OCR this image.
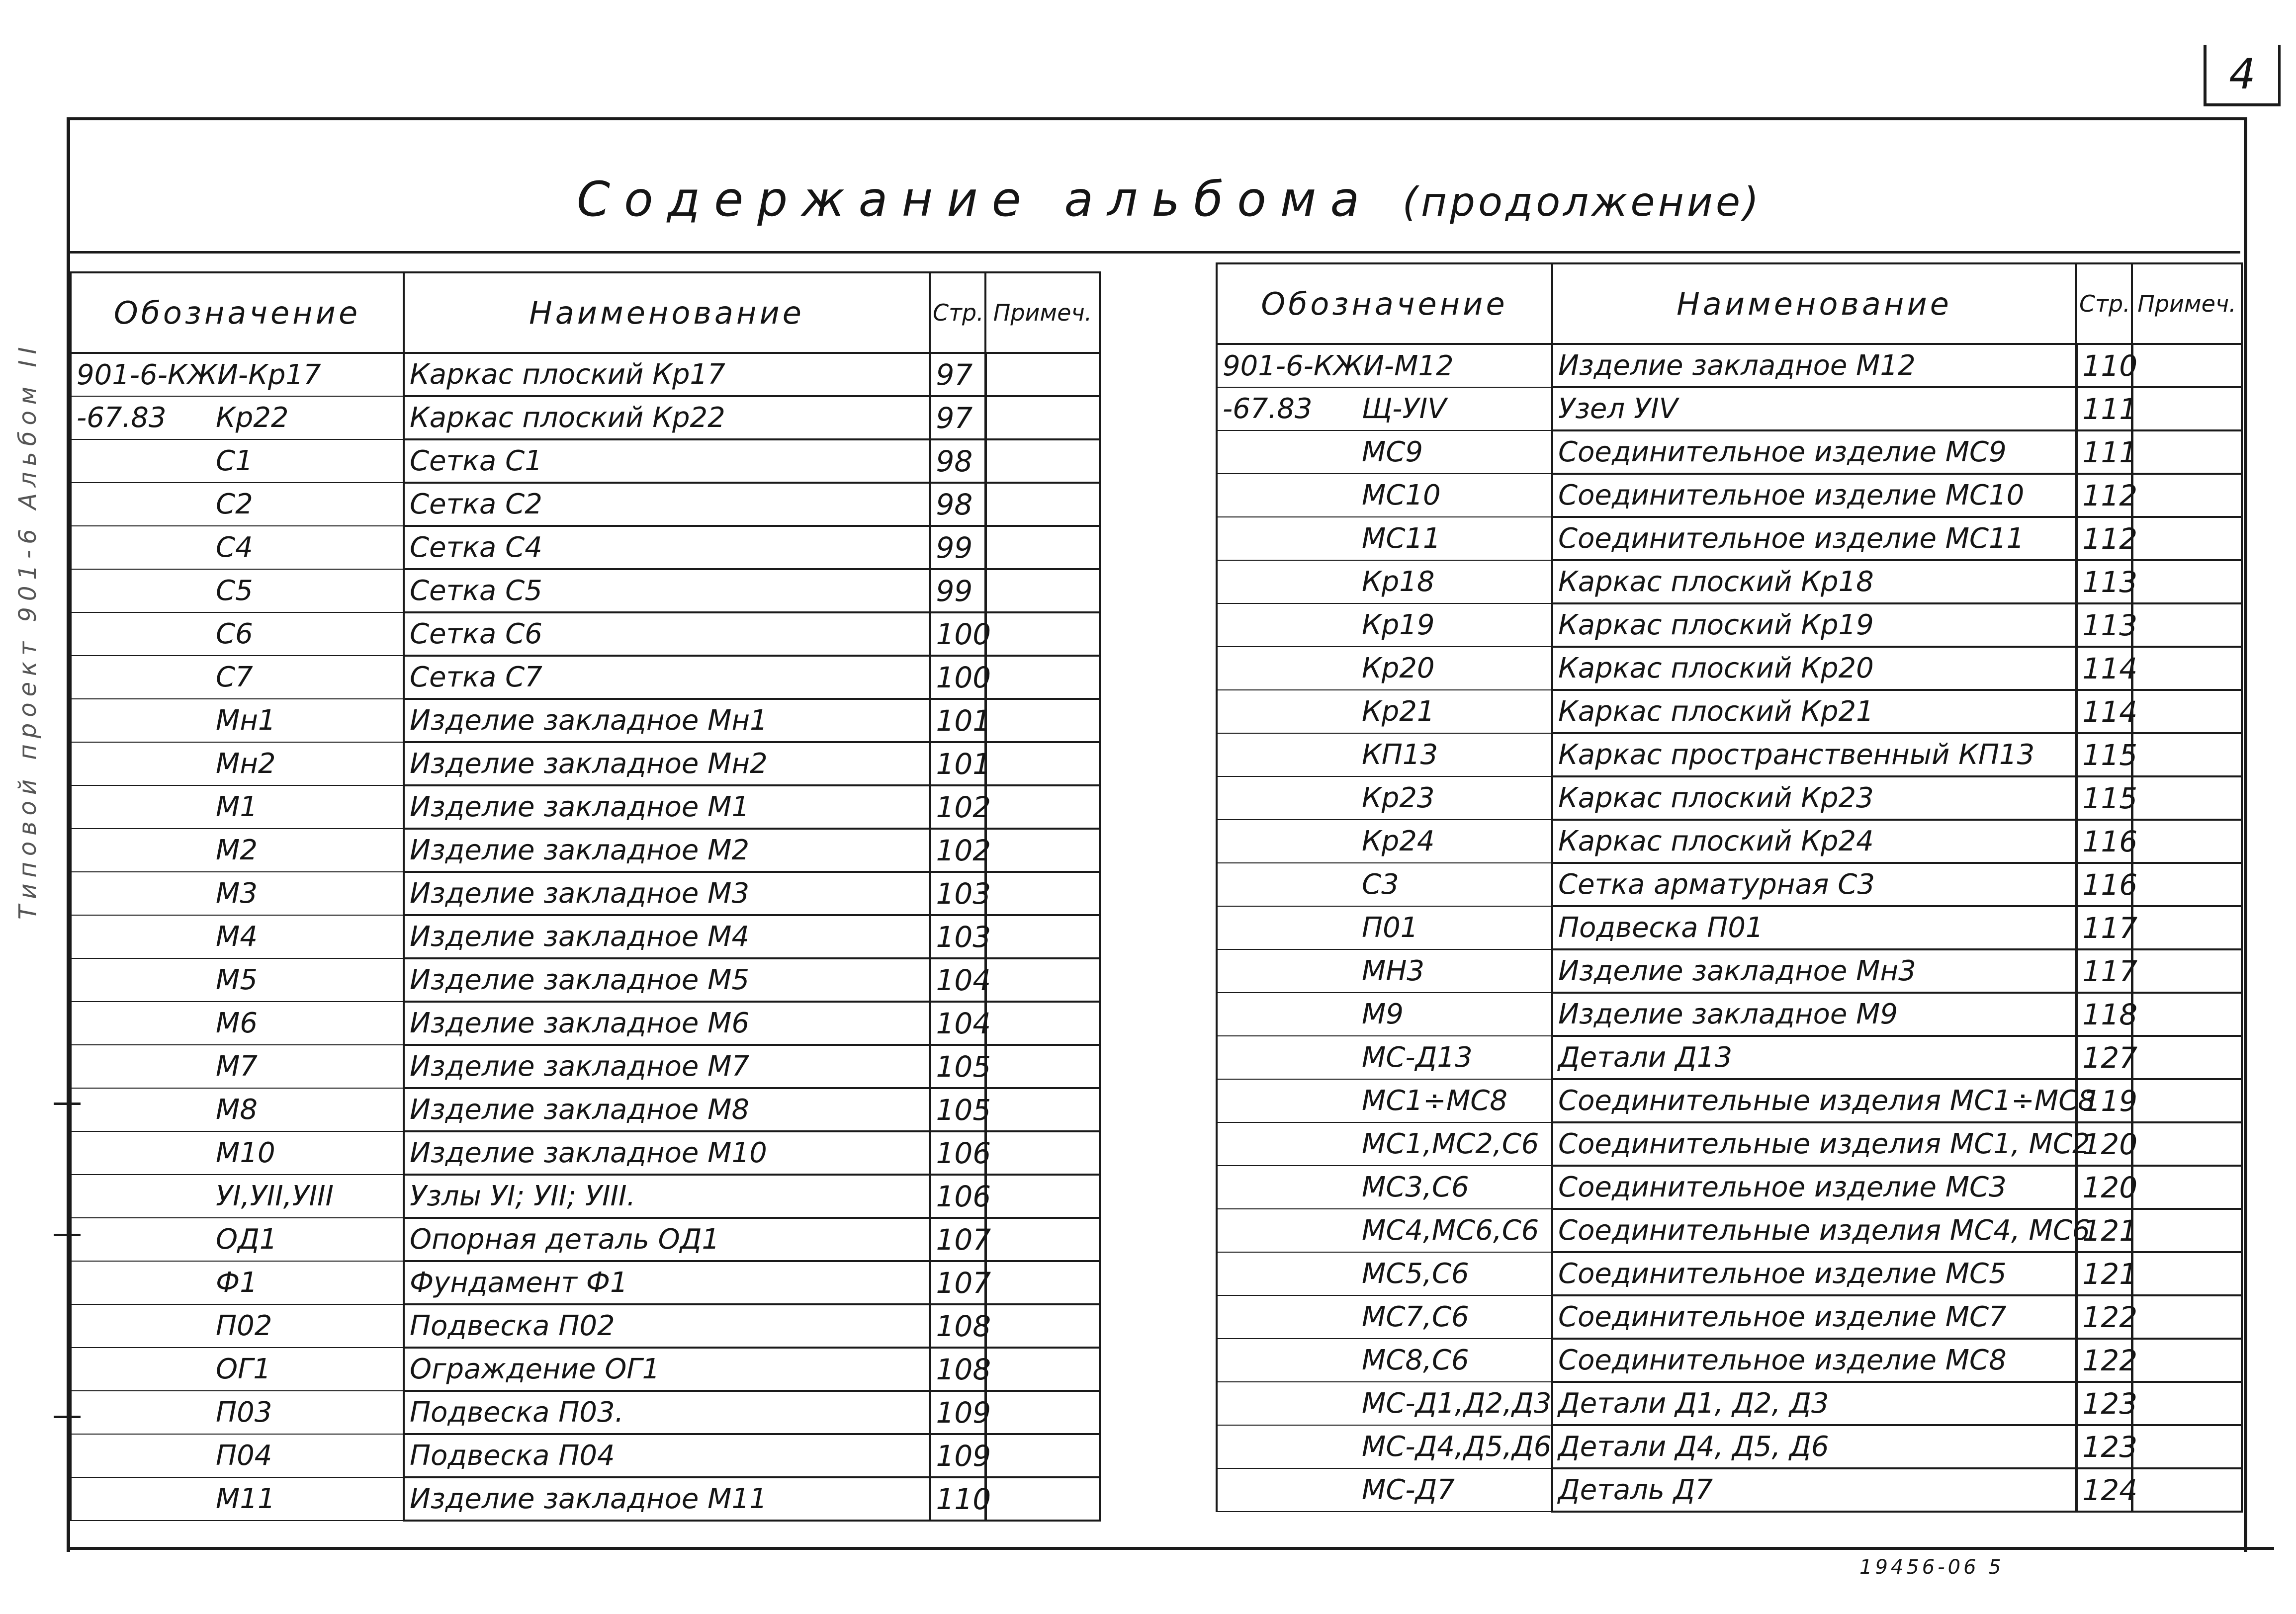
4
Содержание альбома (продолжение)
Типовой проект 901-6 Альбом II
Обозначение	Наименование	Стр.	Примеч.
901-6-КЖИ-Кр17	Каркас плоский Кр17	97	
-67.83 Кр22	Каркас плоский Кр22	97	
С1	Сетка С1	98	
С2	Сетка С2	98	
С4	Сетка С4	99	
С5	Сетка С5	99	
С6	Сетка С6	100	
С7	Сетка С7	100	
Мн1	Изделие закладное Мн1	101	
Мн2	Изделие закладное Мн2	101	
М1	Изделие закладное М1	102	
М2	Изделие закладное М2	102	
М3	Изделие закладное М3	103	
М4	Изделие закладное М4	103	
М5	Изделие закладное М5	104	
М6	Изделие закладное М6	104	
М7	Изделие закладное М7	105	
М8	Изделие закладное М8	105	
М10	Изделие закладное М10	106	
УI,УII,УIII	Узлы УI; УII; УIII.	106	
ОД1	Опорная деталь ОД1	107	
Ф1	Фундамент Ф1	107	
П02	Подвеска П02	108	
ОГ1	Ограждение ОГ1	108	
П03	Подвеска П03.	109	
П04	Подвеска П04	109	
М11	Изделие закладное М11	110	
Обозначение	Наименование	Стр.	Примеч.
901-6-КЖИ-М12	Изделие закладное М12	110	
-67.83 Щ-УIV	Узел УIV	111	
МС9	Соединительное изделие МС9	111	
МС10	Соединительное изделие МС10	112	
МС11	Соединительное изделие МС11	112	
Кр18	Каркас плоский Кр18	113	
Кр19	Каркас плоский Кр19	113	
Кр20	Каркас плоский Кр20	114	
Кр21	Каркас плоский Кр21	114	
КП13	Каркас пространственный КП13	115	
Кр23	Каркас плоский Кр23	115	
Кр24	Каркас плоский Кр24	116	
С3	Сетка арматурная С3	116	
П01	Подвеска П01	117	
МН3	Изделие закладное Мн3	117	
М9	Изделие закладное М9	118	
МС-Д13	Детали Д13	127	
МС1÷МС8	Соединительные изделия МС1÷МС8	119	
МС1,МС2,С6	Соединительные изделия МС1, МС2	120	
МС3,С6	Соединительное изделие МС3	120	
МС4,МС6,С6	Соединительные изделия МС4, МС6	121	
МС5,С6	Соединительное изделие МС5	121	
МС7,С6	Соединительное изделие МС7	122	
МС8,С6	Соединительное изделие МС8	122	
МС-Д1,Д2,Д3	Детали Д1, Д2, Д3	123	
МС-Д4,Д5,Д6	Детали Д4, Д5, Д6	123	
МС-Д7	Деталь Д7	124	
19456-06 5
